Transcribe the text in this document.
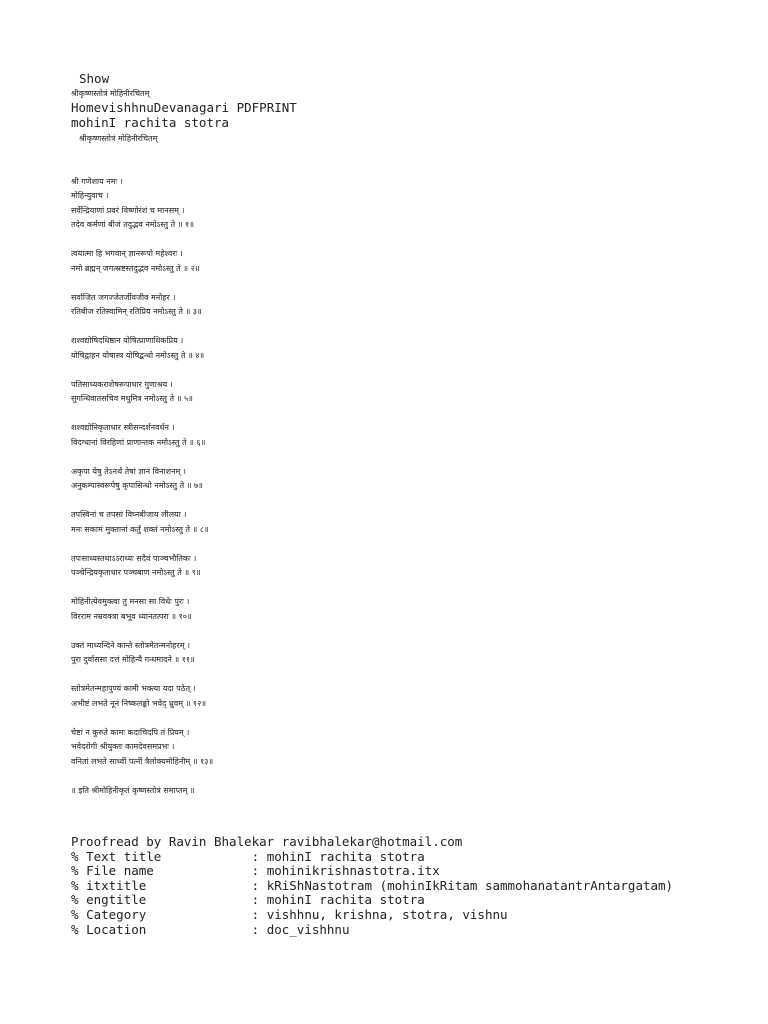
Show

श्रीकृष्णस्तोत्रं मोहिनीरचितम्

HomevishhnuDevanagari PDFPRINT

mohinI rachita stotra

श्रीकृष्णस्तोत्रं मोहिनीरचितम्

श्री गणेशाय नमः ।

मोहिन्युवाच ।

सर्वेन्द्रियाणां प्रवरं विष्णोरंशं च मानसम् ।

तदेव कर्मणां बीजं तदुद्भव नमोऽस्तु ते ॥ १॥

त्वयात्मा हि भगवान् ज्ञानरूपो महेश्वरः ।

नमो ब्रह्मन् जगत्स्रष्टस्तदुद्भव नमोऽस्तु ते ॥ २॥

सर्वाजित जगज्जेतर्जीवजीव मनोहर ।

रतिबीज रतिस्वामिन् रतिप्रिय नमोऽस्तु ते ॥ ३॥

शश्वद्योषिदधिष्ठान योषित्प्राणाधिकप्रिय ।

योषिद्वाहन योषास्त्र योषिद्बन्धो नमोऽस्तु ते ॥ ४॥

पतिसाध्यकराशेषरूपाधार गुणाश्रय ।

सुगन्धिवातसचिव मधुमित्र नमोऽस्तु ते ॥ ५॥

शश्वद्योनिकृताधार स्त्रीसन्दर्शनवर्धन ।

विदग्धानां विरहिणां प्राणान्तक नमोऽस्तु ते ॥ ६॥

अकृपा येषु तेऽनर्थं तेषां ज्ञानं विनाशनम् ।

अनुकम्पास्वरूपेषु कृपासिन्धो नमोऽस्तु ते ॥ ७॥

तपस्विनां च तपसां विघ्नबीजाय लीलया ।

मनः सकामं मुक्तानां कर्तुं शक्तं नमोऽस्तु ते ॥ ८॥

तपःसाध्यस्तथाऽऽराध्यः सदैवं पाञ्चभौतिकः ।

पञ्चेन्द्रियकृताधार पञ्चबाण नमोऽस्तु ते ॥ ९॥

मोहिनीत्येवमुक्त्वा तु मनसा सा विधेः पुरः ।

विरराम नम्रवक्त्रा बभूव ध्यानतत्परा ॥ १०॥

उक्तं माध्यन्दिने कान्ते स्तोत्रमेतन्मनोहरम् ।

पुरा दुर्वाससा दत्तं मोहिन्यै गन्धमादने ॥ ११॥

स्तोत्रमेतन्महापुण्यं कामी भक्त्या यदा पठेत् ।

अभीष्टं लभते नूनं निष्कलङ्को भवेद् ध्रुवम् ॥ १२॥

चेष्टां न कुरुते कामः कदाचिदपि तं प्रियम् ।

भवेदरोगी श्रीयुक्तः कामदेवसमप्रभः ।

वनितां लभते साध्वीं पत्नीं त्रैलोक्यमोहिनीम् ॥ १३॥

॥ इति श्रीमोहिनीकृतं कृष्णस्तोत्रं समाप्तम् ॥

Proofread by Ravin Bhalekar ravibhalekar@hotmail.com

% Text title            : mohinI rachita stotra
% File name             : mohinikrishnastotra.itx
% itxtitle              : kRiShNastotram (mohinIkRitam sammohanatantrAntargatam)
% engtitle              : mohinI rachita stotra
% Category              : vishhnu, krishna, stotra, vishnu
% Location              : doc_vishhnu
